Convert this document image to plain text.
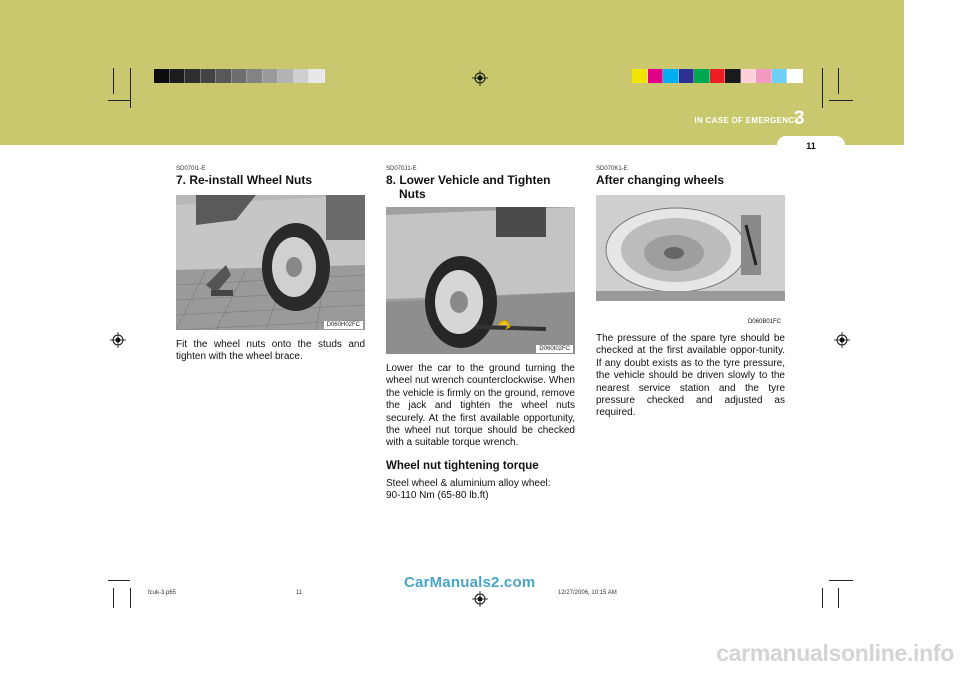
IN CASE OF EMERGENCY
3
11
SD070I1-E
7. Re-install Wheel Nuts
D060H02FC
Fit the wheel nuts onto the studs and tighten with the wheel brace.
SD070J1-E
8. Lower Vehicle and Tighten
Nuts
D060I02FC
Lower the car to the ground turning the wheel nut wrench counterclockwise. When the vehicle is firmly on the ground, remove the jack and tighten the wheel nuts securely. At the first available opportunity, the wheel nut torque should be checked with a suitable torque wrench.
Wheel nut tightening torque
Steel wheel & aluminium alloy wheel:
90-110 Nm (65-80 lb.ft)
SD070K1-E
After changing wheels
D060B01FC
The pressure of the spare tyre should be checked at the first available oppor-tunity. If any doubt exists as to the tyre pressure, the vehicle should be driven slowly to the nearest service station and the tyre pressure checked and adjusted as required.
fcuk-3.p65	11	12/27/2006, 10:15 AM
CarManuals2.com
carmanualsonline.info
